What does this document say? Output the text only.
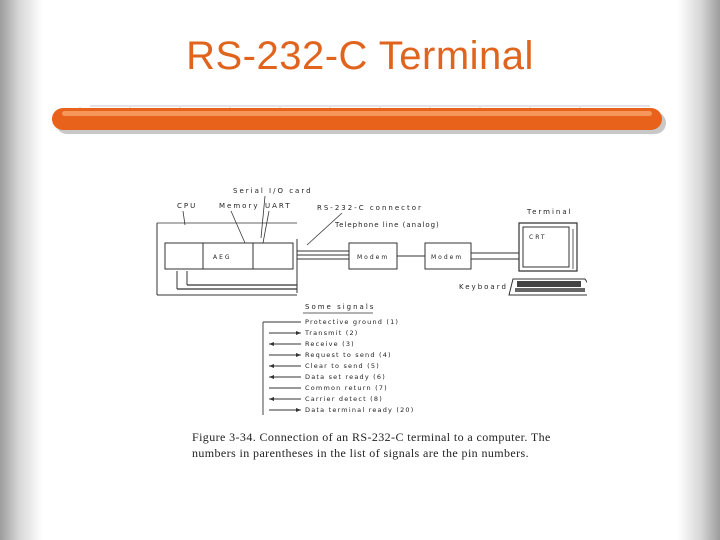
RS-232-C Terminal
Serial I/O card
CPU	Memory UART	RS-232-C connector	Terminal
Telephone line (analog)
AEG	Modem	Modem
CRT
Keyboard
Some signals
Protective ground (1)
Transmit (2)
Receive (3)
Request to send (4)
Clear to send (5)
Data set ready (6)
Common return (7)
Carrier detect (8)
Data terminal ready (20)
Figure 3-34. Connection of an RS-232-C terminal to a computer. The numbers in parentheses in the list of signals are the pin numbers.
